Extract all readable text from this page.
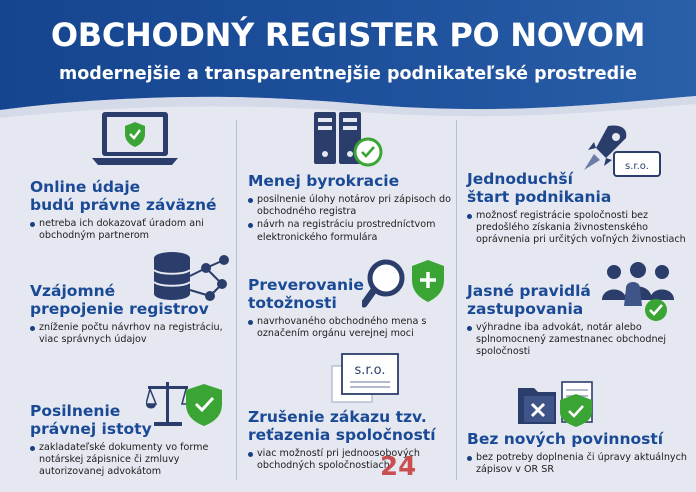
OBCHODNÝ REGISTER PO NOVOM
modernejšie a transparentnejšie podnikateľské prostredie
Online údaje
budú právne záväzné
netreba ich dokazovať úradom ani obchodným partnerom
Menej byrokracie
posilnenie úlohy notárov pri zápisoch do obchodného registra
návrh na registráciu prostredníctvom elektronického formulára
s.r.o.
Jednoduchší
štart podnikania
možnosť registrácie spoločnosti bez predošlého získania živnostenského oprávnenia pri určitých voľných živnostiach
Vzájomné
prepojenie registrov
zníženie počtu návrhov na registráciu, viac správnych údajov
Preverovanie
totožnosti
navrhovaného obchodného mena s označením orgánu verejnej moci
Jasné pravidlá
zastupovania
výhradne iba advokát, notár alebo splnomocnený zamestnanec obchodnej spoločnosti
Posilnenie
právnej istoty
zakladateľské dokumenty vo forme notárskej zápisnice či zmluvy autorizovanej advokátom
s.r.o.
Zrušenie zákazu tzv.
reťazenia spoločností
viac možností pri jednoosobových obchodných spoločnostiach
Bez nových povinností
bez potreby doplnenia či úpravy aktuálnych zápisov v OR SR
24
